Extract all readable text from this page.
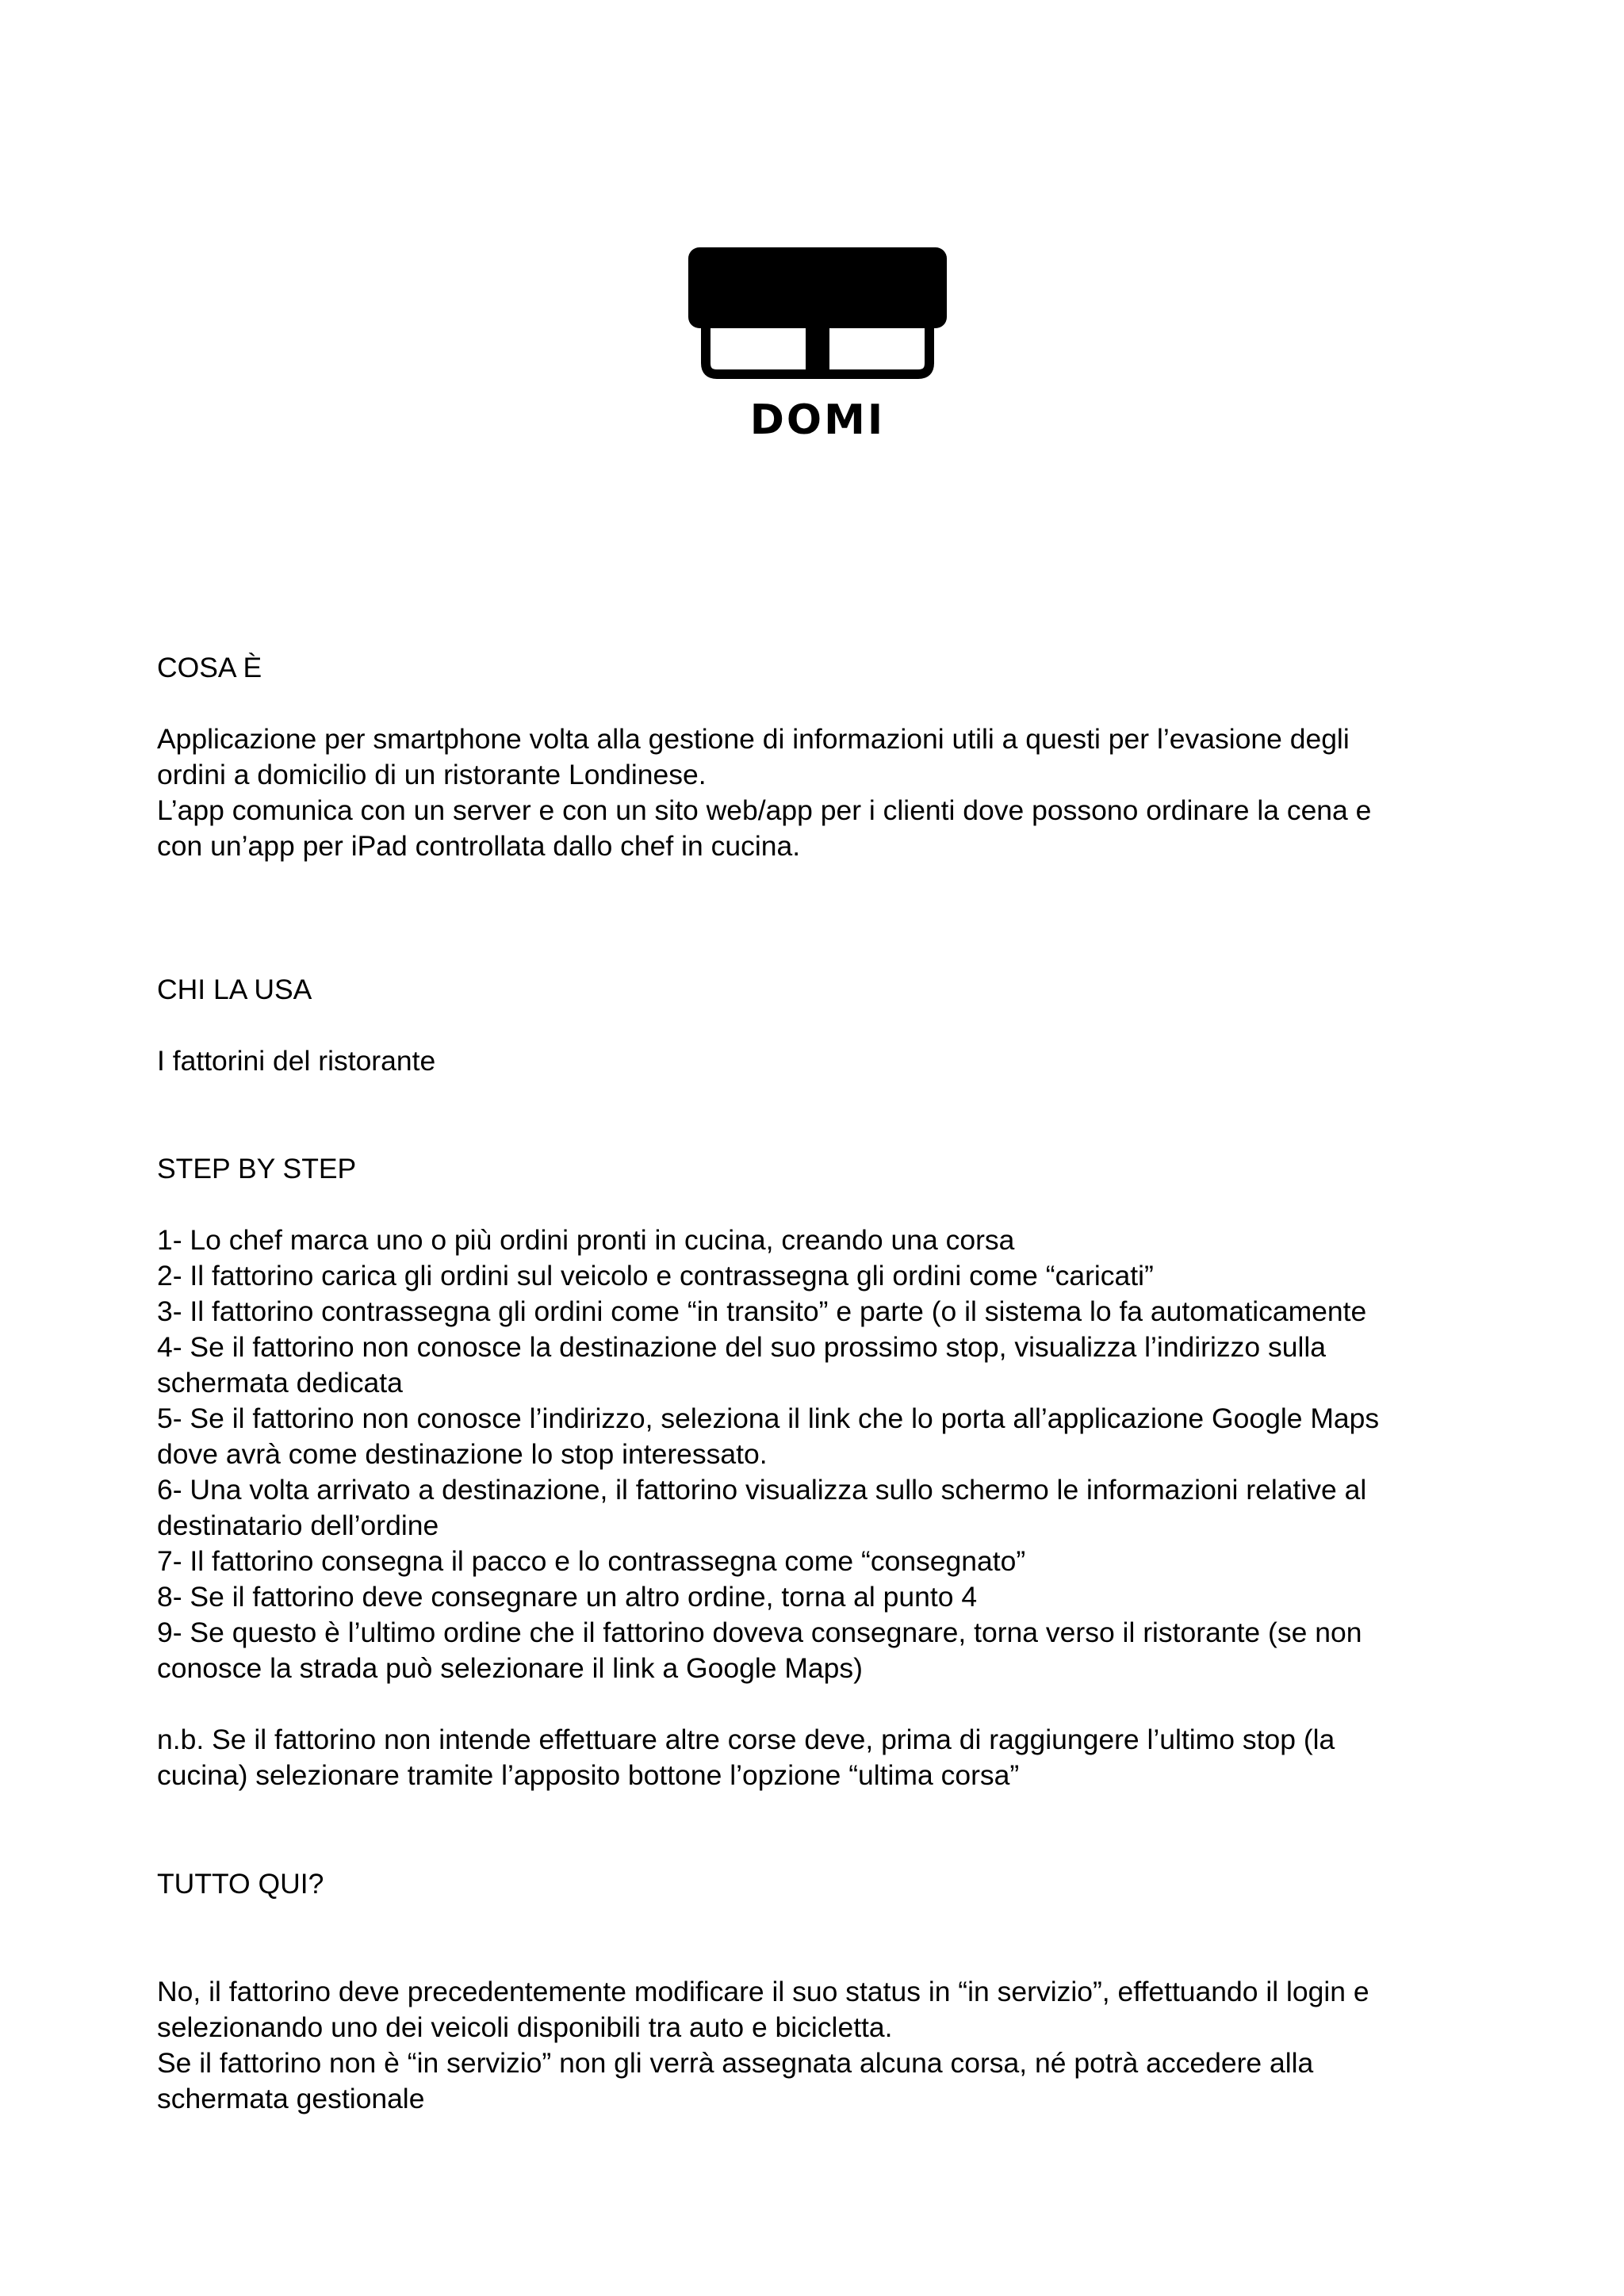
DOMI
COSA È

Applicazione per smartphone volta alla gestione di informazioni utili a questi per l’evasione degli
ordini a domicilio di un ristorante Londinese.
L’app comunica con un server e con un sito web/app per i clienti dove possono ordinare la cena e
con un’app per iPad controllata dallo chef in cucina.

CHI LA USA

I fattorini del ristorante

STEP BY STEP

1- Lo chef marca uno o più ordini pronti in cucina, creando una corsa
2- Il fattorino carica gli ordini sul veicolo e contrassegna gli ordini come “caricati”
3- Il fattorino contrassegna gli ordini come “in transito” e parte (o il sistema lo fa automaticamente
4- Se il fattorino non conosce la destinazione del suo prossimo stop, visualizza l’indirizzo sulla
schermata dedicata
5- Se il fattorino non conosce l’indirizzo, seleziona il link che lo porta all’applicazione Google Maps
dove avrà come destinazione lo stop interessato.
6- Una volta arrivato a destinazione, il fattorino visualizza sullo schermo le informazioni relative al
destinatario dell’ordine
7- Il fattorino consegna il pacco e lo contrassegna come “consegnato”
8- Se il fattorino deve consegnare un altro ordine, torna al punto 4
9- Se questo è l’ultimo ordine che il fattorino doveva consegnare, torna verso il ristorante (se non
conosce la strada può selezionare il link a Google Maps)

n.b. Se il fattorino non intende effettuare altre corse deve, prima di raggiungere l’ultimo stop (la
cucina) selezionare tramite l’apposito bottone l’opzione “ultima corsa”

TUTTO QUI?

No, il fattorino deve precedentemente modificare il suo status in “in servizio”, effettuando il login e
selezionando uno dei veicoli disponibili tra auto e bicicletta.
Se il fattorino non è “in servizio” non gli verrà assegnata alcuna corsa, né potrà accedere alla
schermata gestionale
